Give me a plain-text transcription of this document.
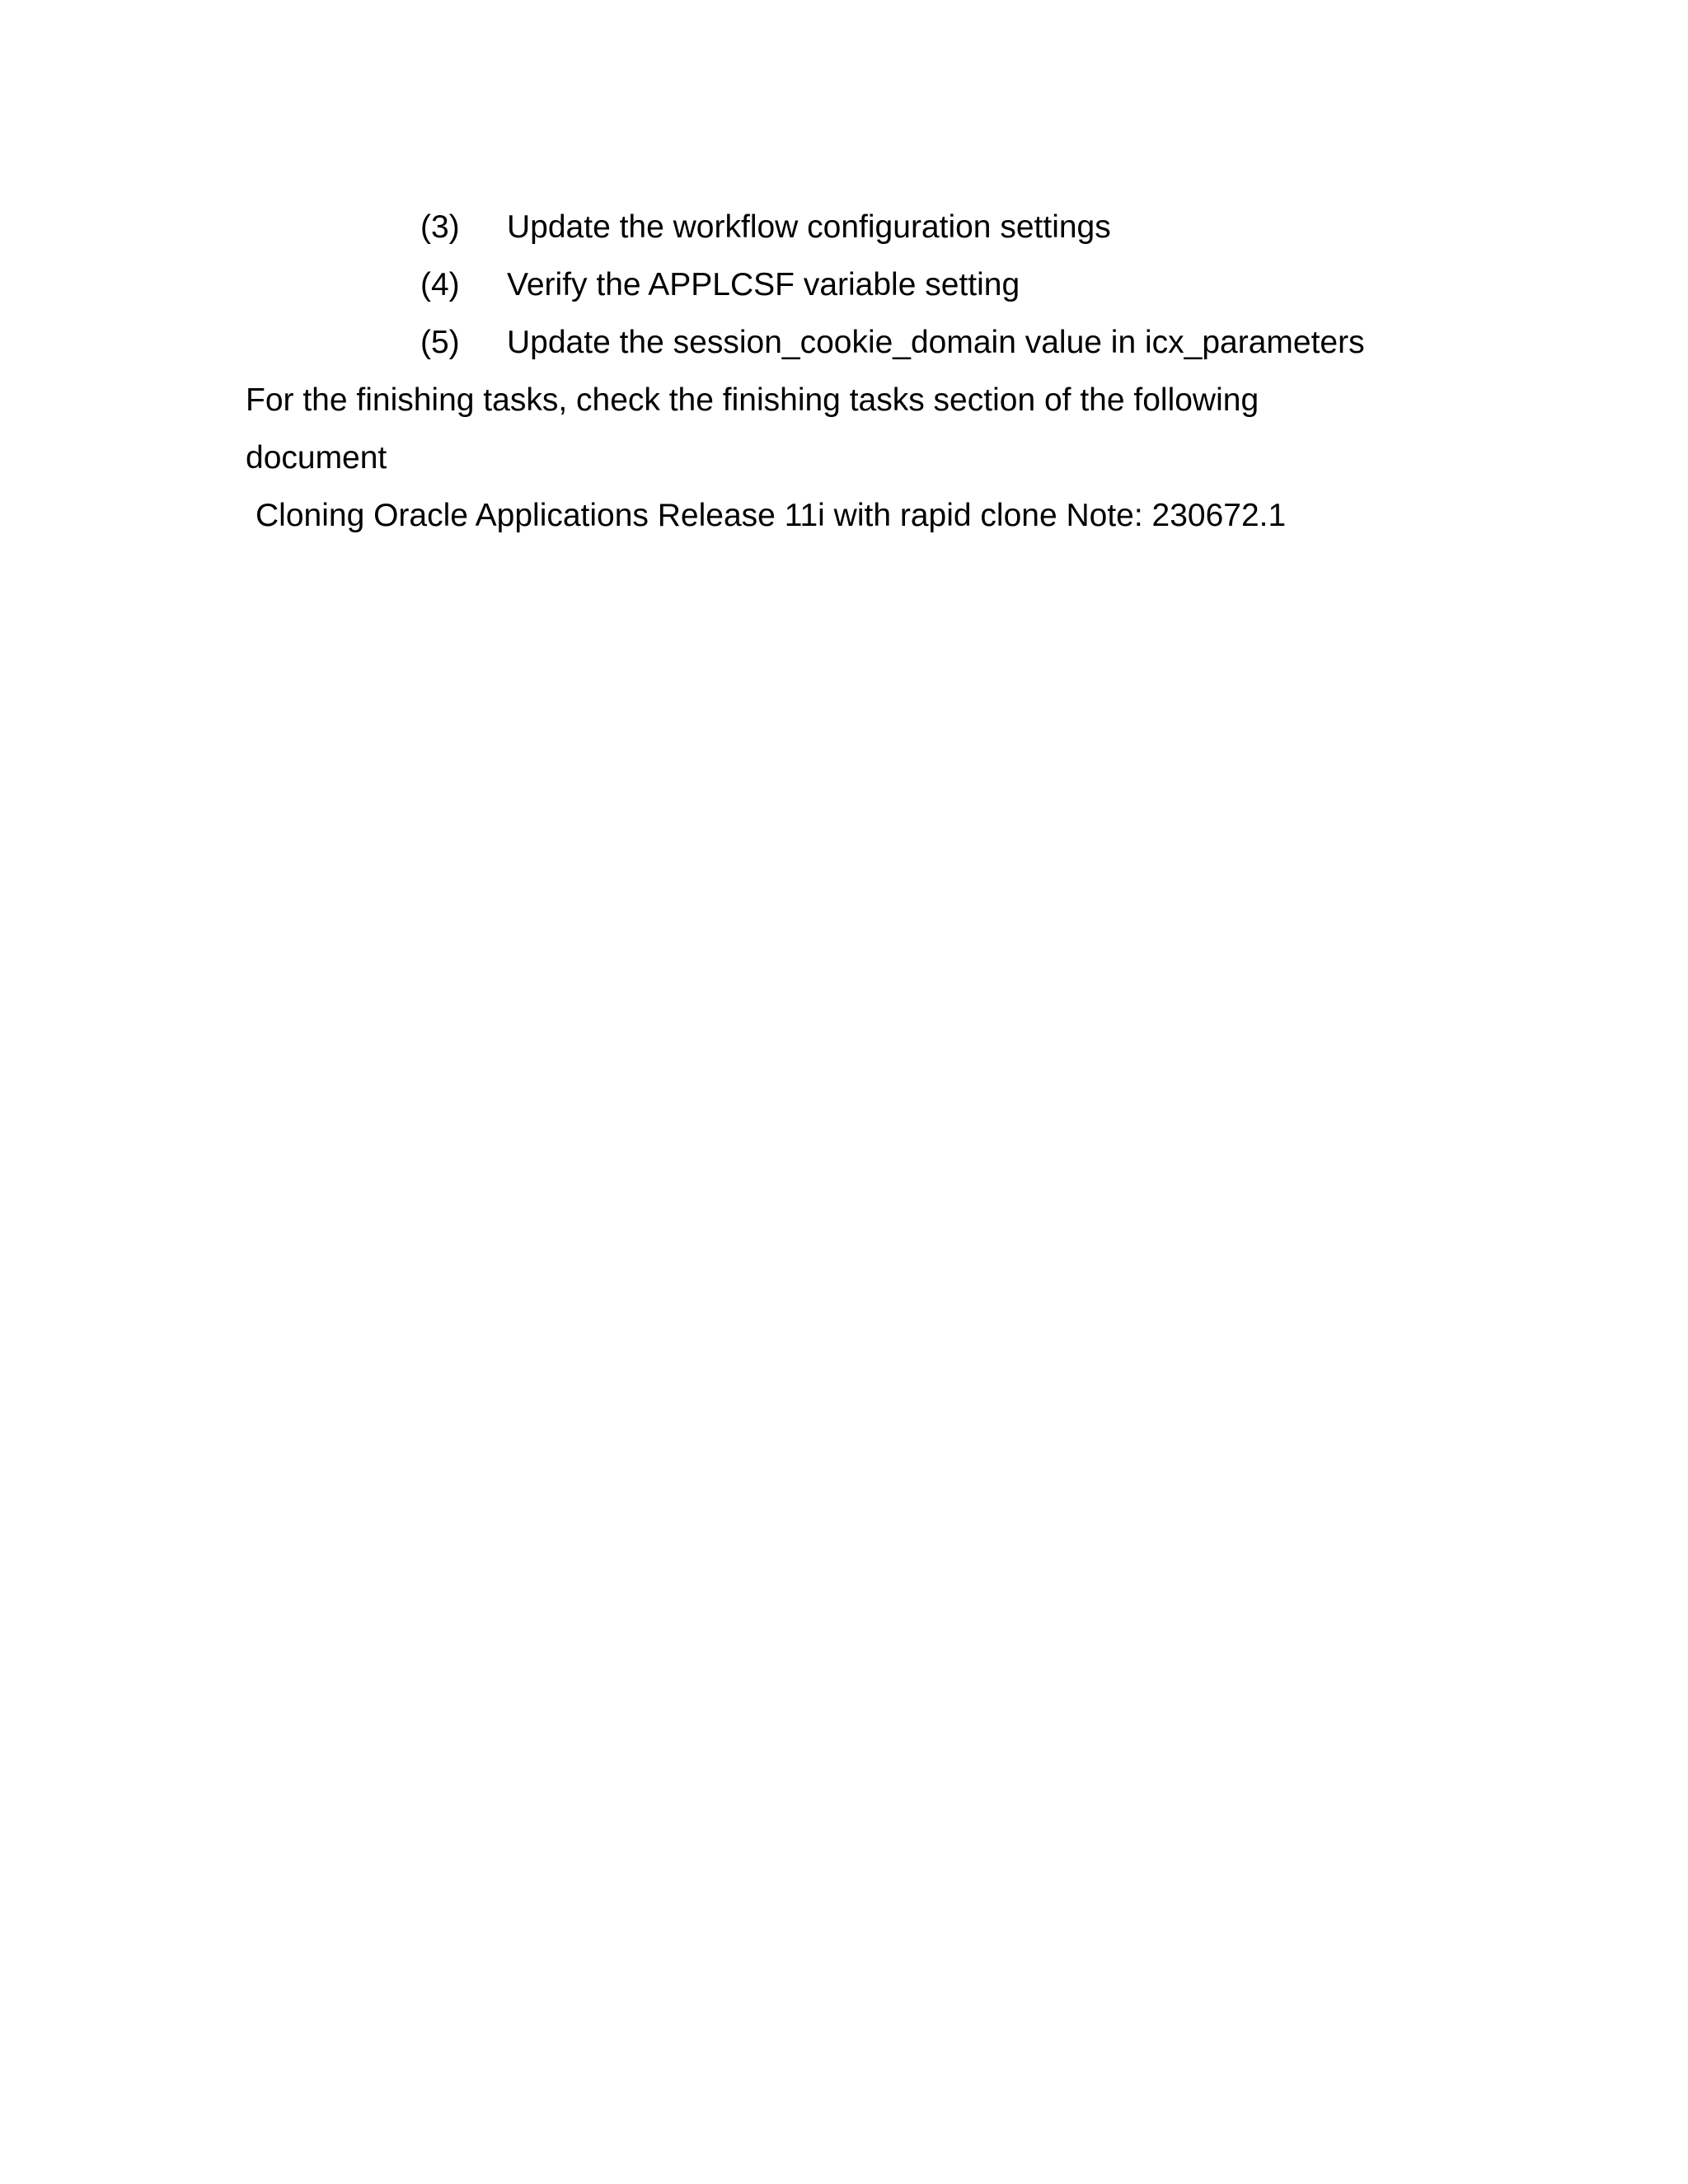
(3) Update the workflow configuration settings
(4) Verify the APPLCSF variable setting
(5) Update the session_cookie_domain value in icx_parameters
For the finishing tasks, check the finishing tasks section of the following
document
Cloning Oracle Applications Release 11i with rapid clone Note: 230672.1
